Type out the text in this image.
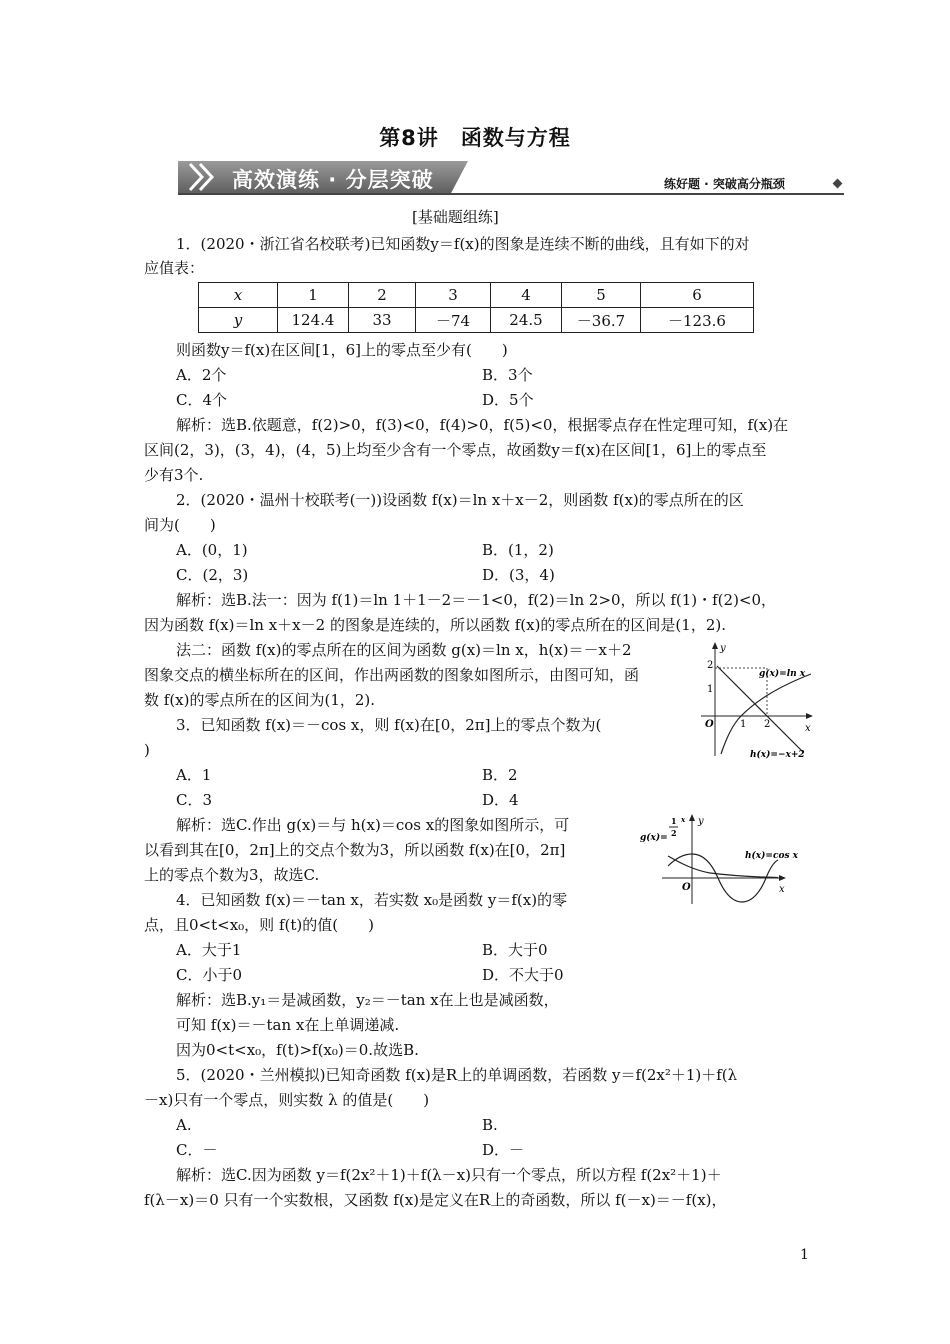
第8讲 函数与方程
高效演练 · 分层突破	练好题 · 突破高分瓶颈
[基础题组练]
1．(2020・浙江省名校联考)已知函数y＝f(x)的图象是连续不断的曲线，且有如下的对
应值表：
x	1	2	3	4	5	6
y	124.4	33	－74	24.5	－36.7	－123.6
则函数y＝f(x)在区间[1，6]上的零点至少有(　　)
A．2个	B．3个
C．4个	D．5个
解析：选B.依题意，f(2)>0，f(3)<0，f(4)>0，f(5)<0，根据零点存在性定理可知，f(x)在
区间(2，3)，(3，4)，(4，5)上均至少含有一个零点，故函数y＝f(x)在区间[1，6]上的零点至
少有3个.
2．(2020・温州十校联考(一))设函数 f(x)＝ln x＋x－2，则函数 f(x)的零点所在的区
间为(　　)
A．(0，1)	B．(1，2)
C．(2，3)	D．(3，4)
解析：选B.法一：因为 f(1)＝ln 1＋1－2＝－1<0，f(2)＝ln 2>0，所以 f(1)・f(2)<0，
因为函数 f(x)＝ln x＋x－2 的图象是连续的，所以函数 f(x)的零点所在的区间是(1，2).
法二：函数 f(x)的零点所在的区间为函数 g(x)＝ln x，h(x)＝－x＋2
图象交点的横坐标所在的区间，作出两函数的图象如图所示，由图可知，函
数 f(x)的零点所在的区间为(1，2).
y
x
O
1
2
1 2
g(x)=ln x
h(x)=−x+2
3．已知函数 f(x)＝－cos x，则 f(x)在[0，2π]上的零点个数为(
)
A．1	B．2
C．3	D．4
解析：选C.作出 g(x)＝与 h(x)＝cos x的图象如图所示，可
以看到其在[0，2π]上的交点个数为3，所以函数 f(x)在[0，2π]
上的零点个数为3，故选C.
y
x
O
g(x)=
1
2
x
h(x)=cos x
4．已知函数 f(x)＝－tan x，若实数 x₀是函数 y＝f(x)的零
点，且0<t<x₀，则 f(t)的值(　　)
A．大于1	B．大于0
C．小于0	D．不大于0
解析：选B.y₁＝是减函数，y₂＝－tan x在上也是减函数，
可知 f(x)＝－tan x在上单调递减.
因为0<t<x₀，f(t)>f(x₀)＝0.故选B.
5．(2020・兰州模拟)已知奇函数 f(x)是R上的单调函数，若函数 y＝f(2x²＋1)＋f(λ
－x)只有一个零点，则实数 λ 的值是(　　)
A.	B.
C．－	D．－
解析：选C.因为函数 y＝f(2x²＋1)＋f(λ－x)只有一个零点，所以方程 f(2x²＋1)＋
f(λ－x)＝0 只有一个实数根，又函数 f(x)是定义在R上的奇函数，所以 f(－x)＝－f(x)，
1
